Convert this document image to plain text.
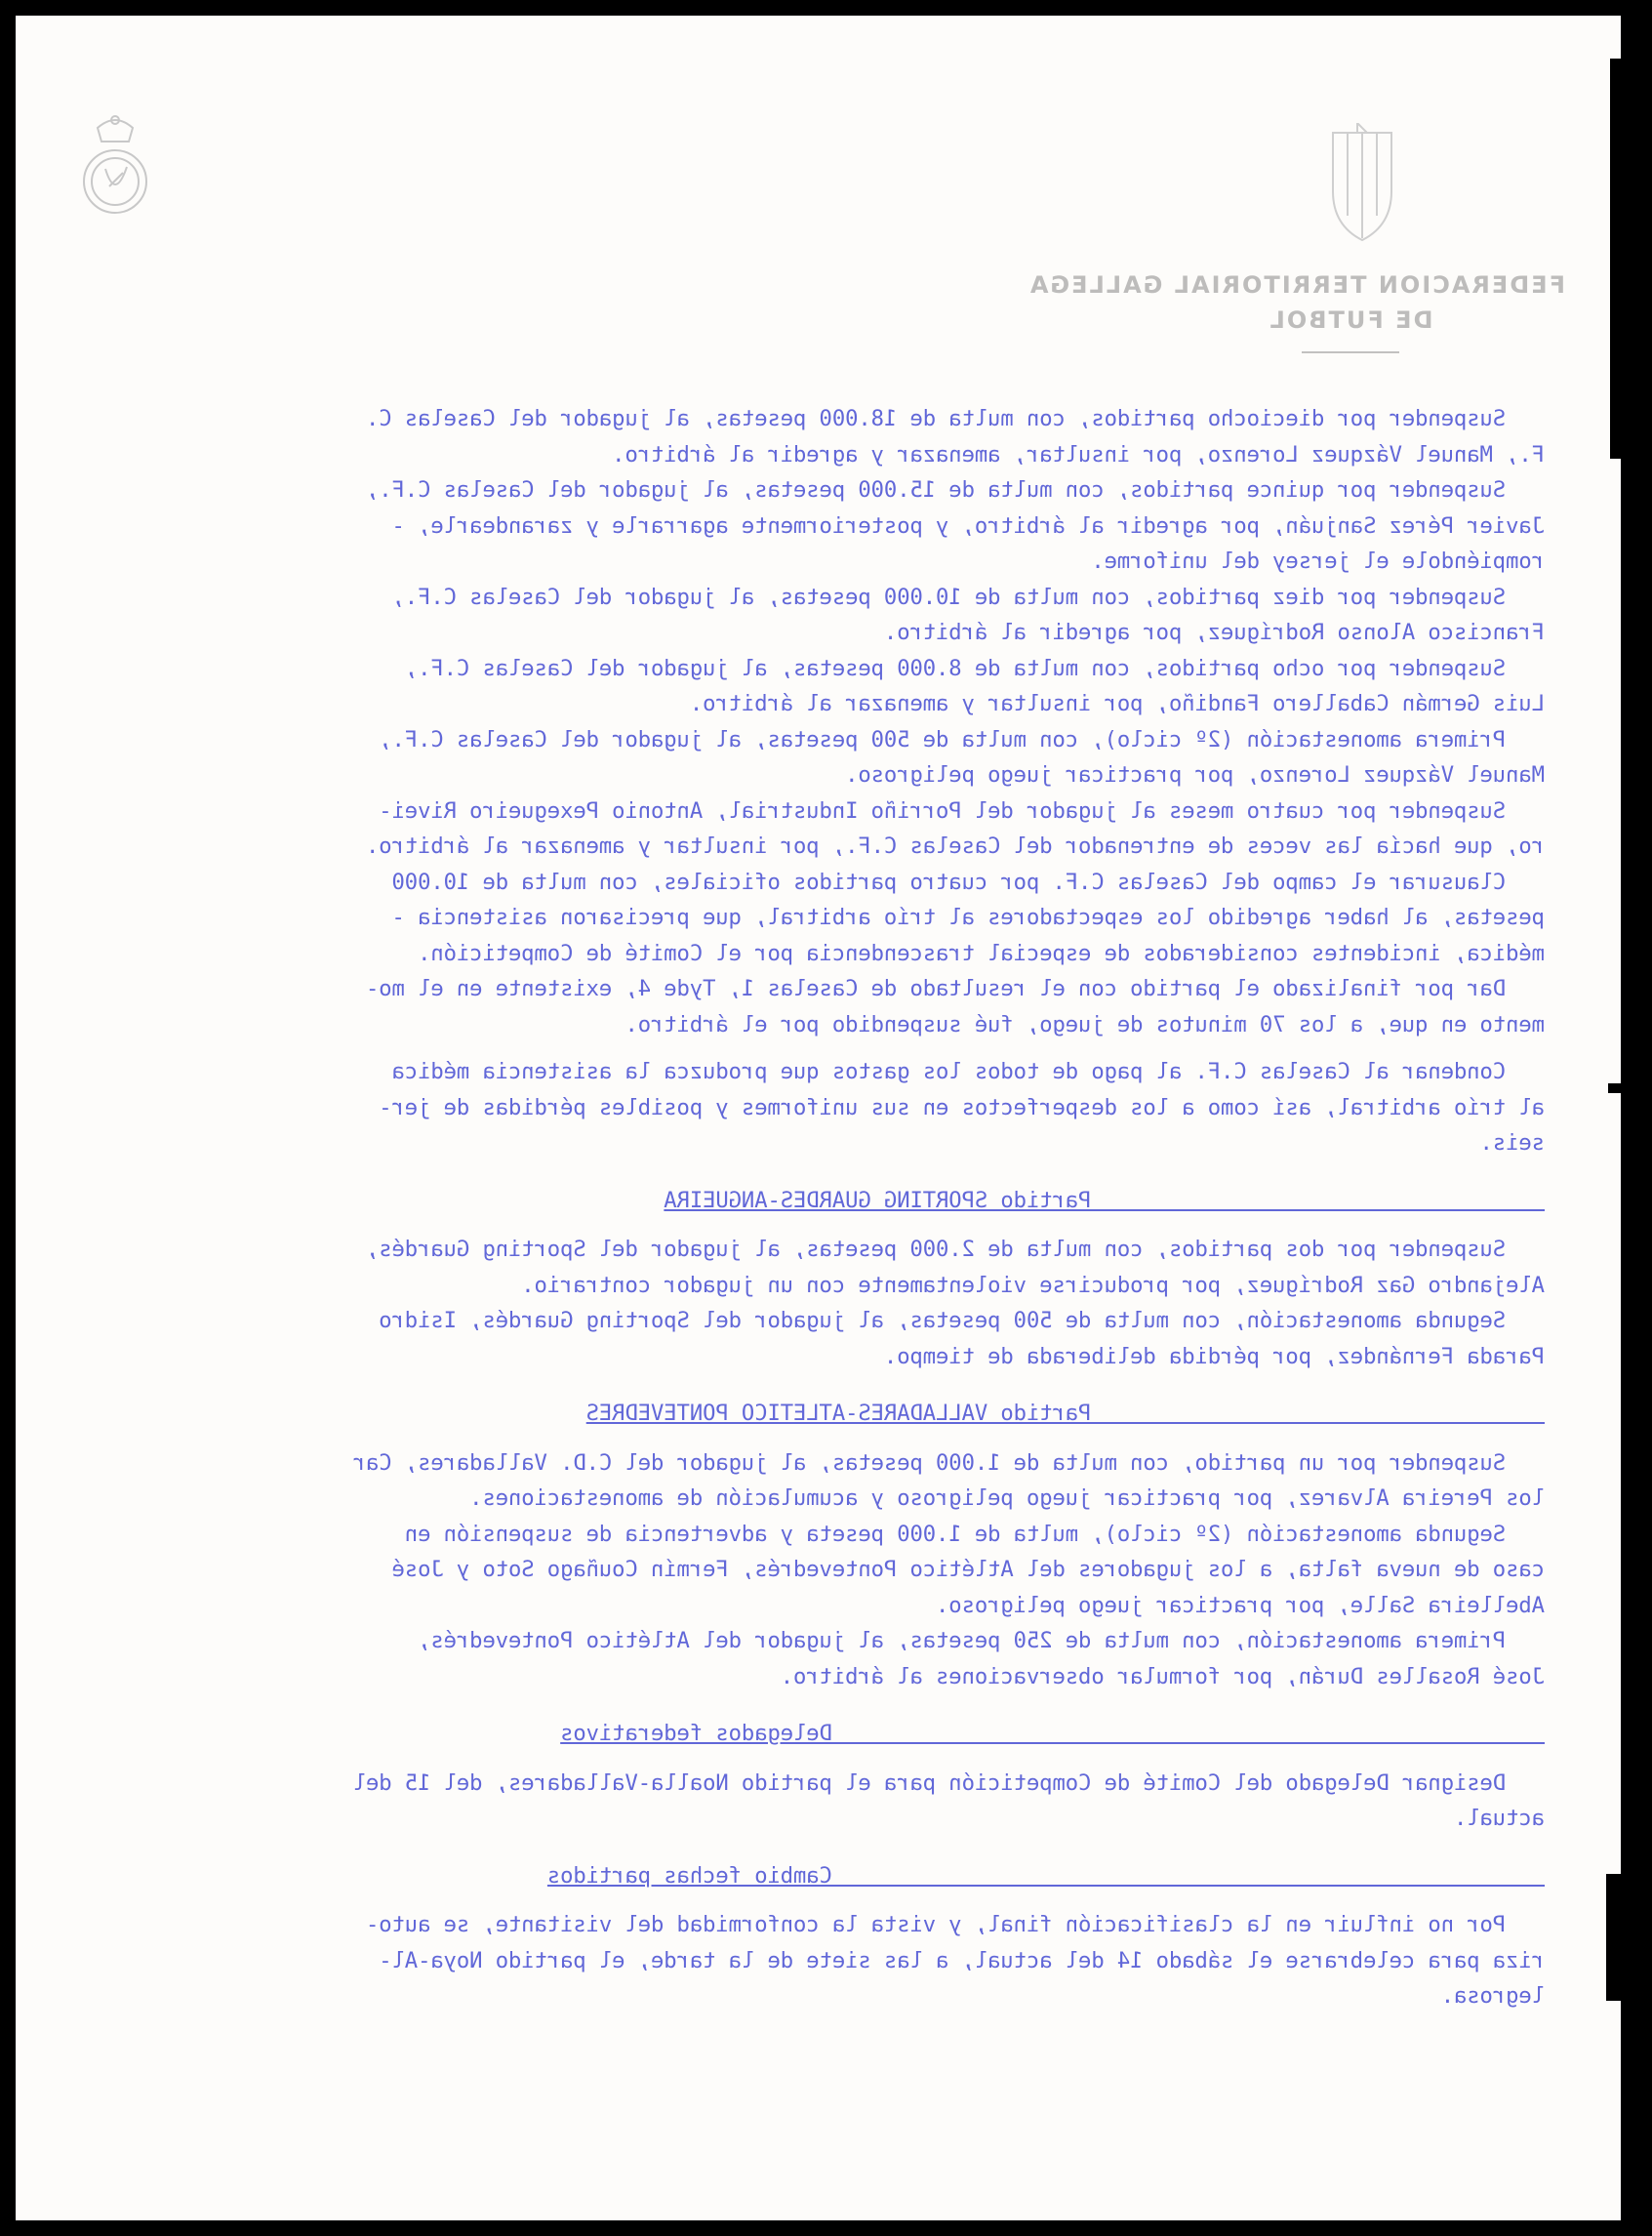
FEDERACION TERRITORIAL GALLEGA
DE FUTBOL

Suspender por dieciocho partidos, con multa de 18.000 pesetas, al jugador del Caselas C.

F., Manuel Vázquez Lorenzo, por insultar, amenazar y agredir al árbitro.

Suspender por quince partidos, con multa de 15.000 pesetas, al jugador del Caselas C.F.,

Javier Pérez Sanjuán, por agredir al árbitro, y posteriormente agarrarle y zarandearle, -

rompiéndole el jersey del uniforme.

Suspender por diez partidos, con multa de 10.000 pesetas, al jugador del Caselas C.F.,

Francisco Alonso Rodríguez, por agredir al árbitro.

Suspender por ocho partidos, con multa de 8.000 pesetas, al jugador del Caselas C.F.,

Luis Germán Caballero Fandiño, por insultar y amenazar al árbitro.

Primera amonestación (2º ciclo), con multa de 500 pesetas, al jugador del Caselas C.F.,

Manuel Vázquez Lorenzo, por practicar juego peligroso.

Suspender por cuatro meses al jugador del Porriño Industrial, Antonio Pexegueiro Rivei-

ro, que hacía las veces de entrenador del Caselas C.F., por insultar y amenazar al árbitro.

Clausurar el campo del Caselas C.F. por cuatro partidos oficiales, con multa de 10.000

pesetas, al haber agredido los espectadores al trío arbitral, que precisaron asistencia -

médica, incidentes considerados de especial trascendencia por el Comité de Competición.

Dar por finalizado el partido con el resultado de Caselas 1, Tyde 4, existente en el mo-

mento en que, a los 70 minutos de juego, fué suspendido por el árbitro.

Condenar al Caselas C.F. al pago de todos los gastos que produzca la asistencia médica

al trío arbitral, así como a los desperfectos en sus uniformes y posibles pérdidas de jer-

seis.

Partido SPORTING GUARDES-ANGUEIRA

Suspender por dos partidos, con multa de 2.000 pesetas, al jugador del Sporting Guardés,

Alejandro Gaz Rodríguez, por producirse violentamente con un jugador contrario.

Segunda amonestación, con multa de 500 pesetas, al jugador del Sporting Guardés, Isidro

Parada Fernández, por pérdida deliberada de tiempo.

Partido VALLADARES-ATLETICO PONTEVEDRES

Suspender por un partido, con multa de 1.000 pesetas, al jugador del C.D. Valladares, Car

los Pereira Alvarez, por practicar juego peligroso y acumulación de amonestaciones.

Segunda amonestación (2º ciclo), multa de 1.000 peseta y advertencia de suspensión en

caso de nueva falta, a los jugadores del Atlético Pontevedrés, Fermín Couñago Soto y José

Abelleira Salle, por practicar juego peligroso.

Primera amonestación, con multa de 250 pesetas, al jugador del Atlético Pontevedrés,

José Rosalles Durán, por formular observaciones al árbitro.

Delegados federativos

Designar Delegado del Comité de Competición para el partido Noalla-Valladares, del 15 del

actual.

Cambio fechas partidos

Por no influir en la clasificación final, y vista la conformidad del visitante, se auto-

riza para celebrarse el sábado 14 del actual, a las siete de la tarde, el partido Noya-Al-

legrosa.
